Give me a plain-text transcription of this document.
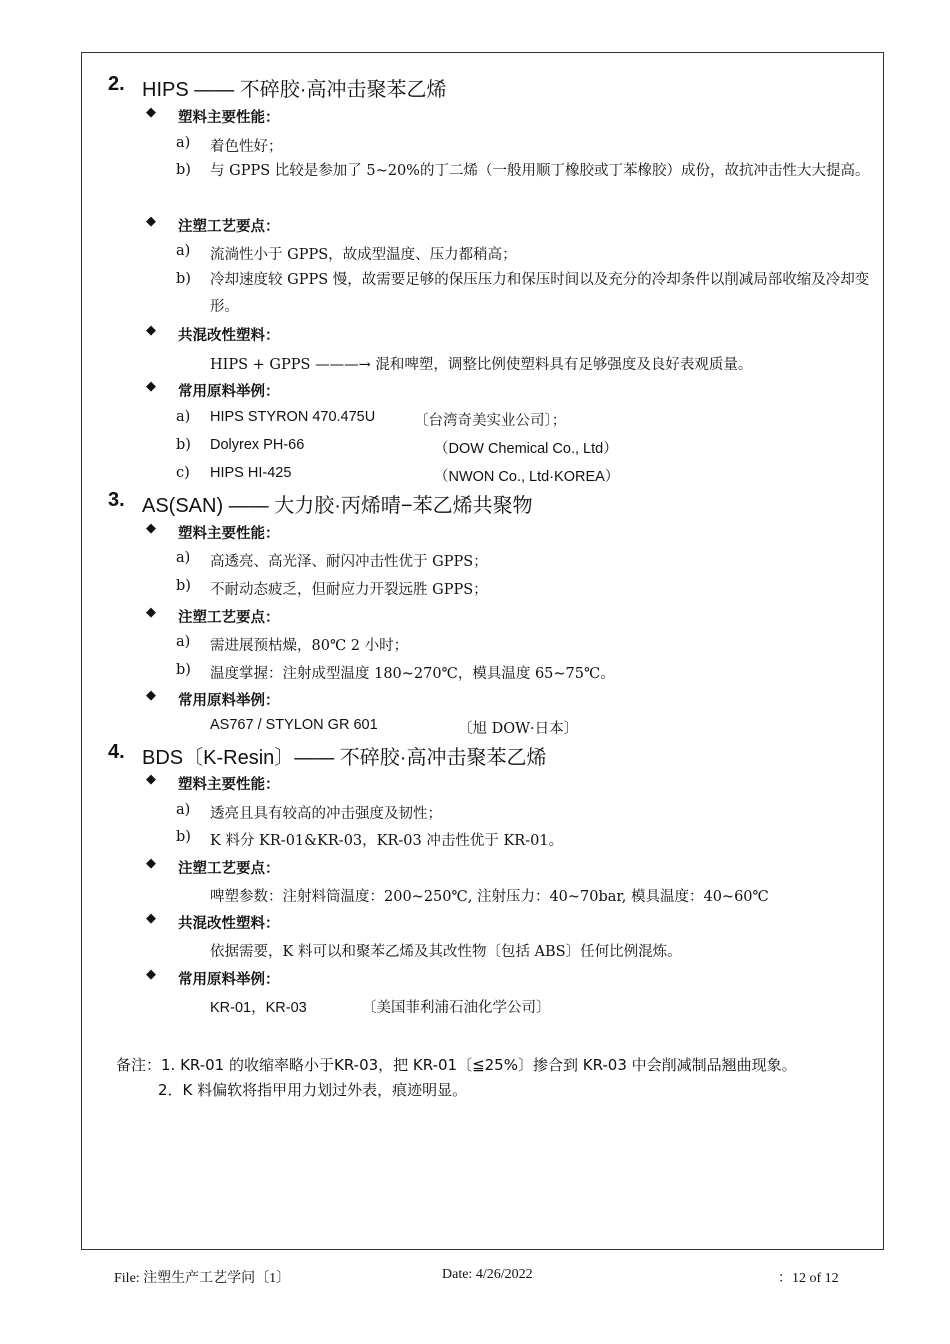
2. HIPS —— 不碎胶·高冲击聚苯乙烯
◆ 塑料主要性能：
a) 着色性好；
b) 与 GPPS 比较是参加了 5~20%的丁二烯（一般用顺丁橡胶或丁苯橡胶）成份，故抗冲击性大大提高。
◆ 注塑工艺要点：
a) 流淌性小于 GPPS，故成型温度、压力都稍高；
b) 冷却速度较 GPPS 慢，故需要足够的保压压力和保压时间以及充分的冷却条件以削减局部收缩及冷却变形。
◆ 共混改性塑料：
HIPS + GPPS ———→ 混和啤塑，调整比例使塑料具有足够强度及良好表观质量。
◆ 常用原料举例：
a) HIPS STYRON 470.475U	〔台湾奇美实业公司〕；
b) Dolyrex PH-66	（DOW Chemical Co., Ltd）
c) HIPS HI-425	（NWON Co., Ltd·KOREA）
3. AS(SAN) —— 大力胶·丙烯晴−苯乙烯共聚物
◆ 塑料主要性能：
a) 高透亮、高光泽、耐闪冲击性优于 GPPS；
b) 不耐动态疲乏，但耐应力开裂远胜 GPPS；
◆ 注塑工艺要点：
a) 需进展预枯燥，80℃ 2 小时；
b) 温度掌握：注射成型温度 180~270℃，模具温度 65~75℃。
◆ 常用原料举例：
AS767 / STYLON GR 601	〔旭 DOW·日本〕
4. BDS〔K-Resin〕—— 不碎胶·高冲击聚苯乙烯
◆ 塑料主要性能：
a) 透亮且具有较高的冲击强度及韧性；
b) K 料分 KR-01&KR-03，KR-03 冲击性优于 KR-01。
◆ 注塑工艺要点：
啤塑参数：注射料筒温度：200~250℃, 注射压力：40~70bar, 模具温度：40~60℃
◆ 共混改性塑料：
依据需要，K 料可以和聚苯乙烯及其改性物〔包括 ABS〕任何比例混炼。
◆ 常用原料举例：
KR-01，KR-03	〔美国菲利浦石油化学公司〕
备注：1. KR-01 的收缩率略小于KR-03，把 KR-01〔≦25%〕掺合到 KR-03 中会削减制品翘曲现象。
2．K 料偏软将指甲用力划过外表，痕迹明显。
File: 注塑生产工艺学问〔1〕	Date: 4/26/2022	：12 of 12
